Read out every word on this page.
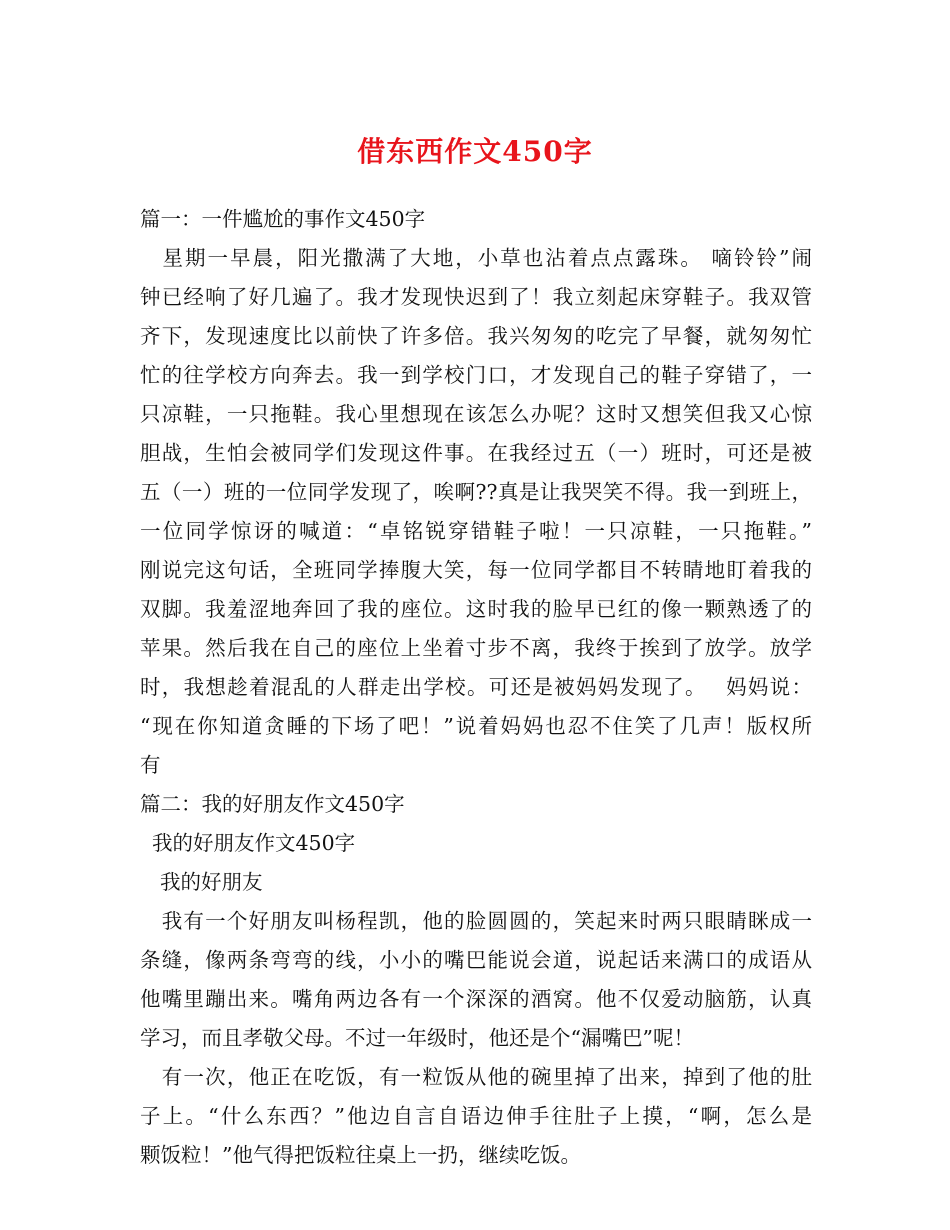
借东西作文450字
篇一：一件尴尬的事作文450字
　星期一早晨，阳光撒满了大地，小草也沾着点点露珠。 嘀铃铃”闹
钟已经响了好几遍了。我才发现快迟到了！我立刻起床穿鞋子。我双管
齐下，发现速度比以前快了许多倍。我兴匆匆的吃完了早餐，就匆匆忙
忙的往学校方向奔去。我一到学校门口，才发现自己的鞋子穿错了，一
只凉鞋，一只拖鞋。我心里想现在该怎么办呢？这时又想笑但我又心惊
胆战，生怕会被同学们发现这件事。在我经过五（一）班时，可还是被
五（一）班的一位同学发现了，唉啊??真是让我哭笑不得。我一到班上，
一位同学惊讶的喊道：“卓铭锐穿错鞋子啦！一只凉鞋，一只拖鞋。”
刚说完这句话，全班同学捧腹大笑，每一位同学都目不转睛地盯着我的
双脚。我羞涩地奔回了我的座位。这时我的脸早已红的像一颗熟透了的
苹果。然后我在自己的座位上坐着寸步不离，我终于挨到了放学。放学
时，我想趁着混乱的人群走出学校。可还是被妈妈发现了。　 妈妈说：
“现在你知道贪睡的下场了吧！”说着妈妈也忍不住笑了几声！版权所
有
篇二：我的好朋友作文450字
我的好朋友作文450字
我的好朋友
　我有一个好朋友叫杨程凯，他的脸圆圆的，笑起来时两只眼睛眯成一
条缝，像两条弯弯的线，小小的嘴巴能说会道，说起话来满口的成语从
他嘴里蹦出来。嘴角两边各有一个深深的酒窝。他不仅爱动脑筋，认真
学习，而且孝敬父母。不过一年级时，他还是个“漏嘴巴”呢！
　有一次，他正在吃饭，有一粒饭从他的碗里掉了出来，掉到了他的肚
子上。“什么东西？”他边自言自语边伸手往肚子上摸，“啊，怎么是
颗饭粒！”他气得把饭粒往桌上一扔，继续吃饭。
